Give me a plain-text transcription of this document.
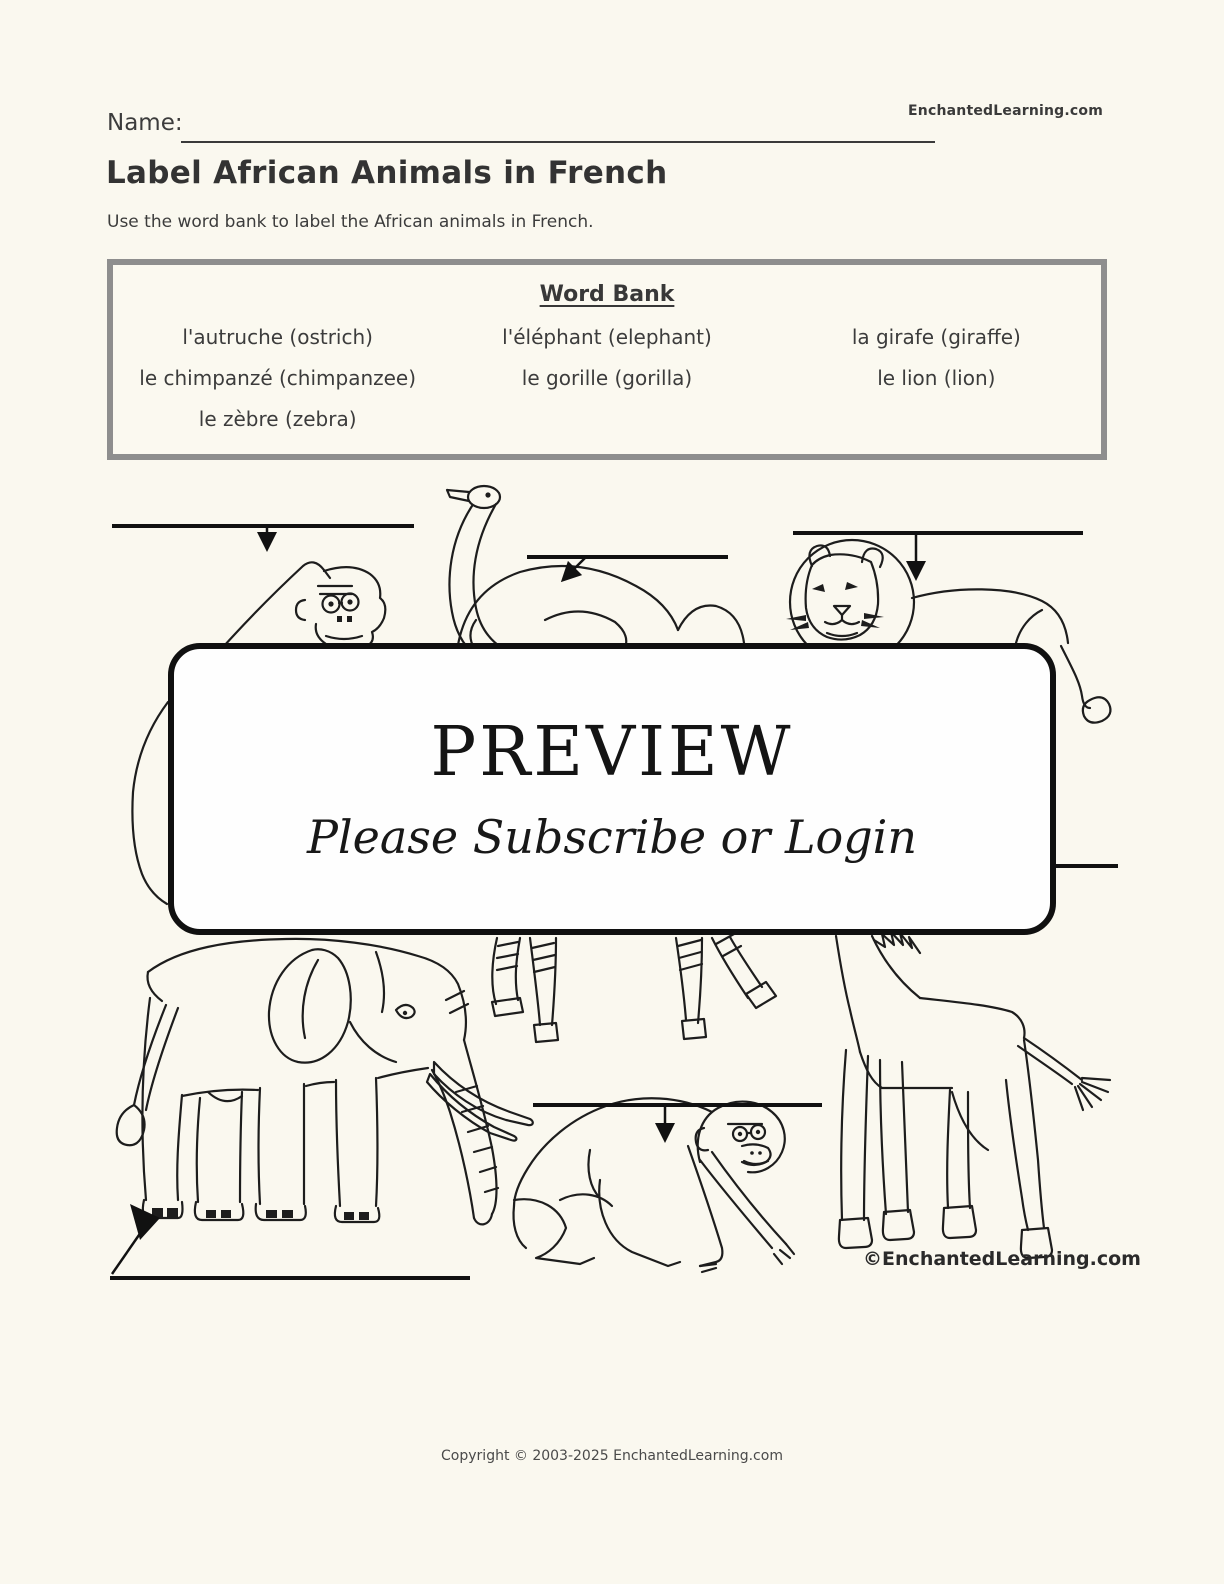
Name:	EnchantedLearning.com
Label African Animals in French
Use the word bank to label the African animals in French.
Word Bank
l'autruche (ostrich)	l'éléphant (elephant)	la girafe (giraffe)
le chimpanzé (chimpanzee)	le gorille (gorilla)	le lion (lion)
le zèbre (zebra)
©EnchantedLearning.com
PREVIEW
Please Subscribe or Login
Copyright © 2003-2025 EnchantedLearning.com
